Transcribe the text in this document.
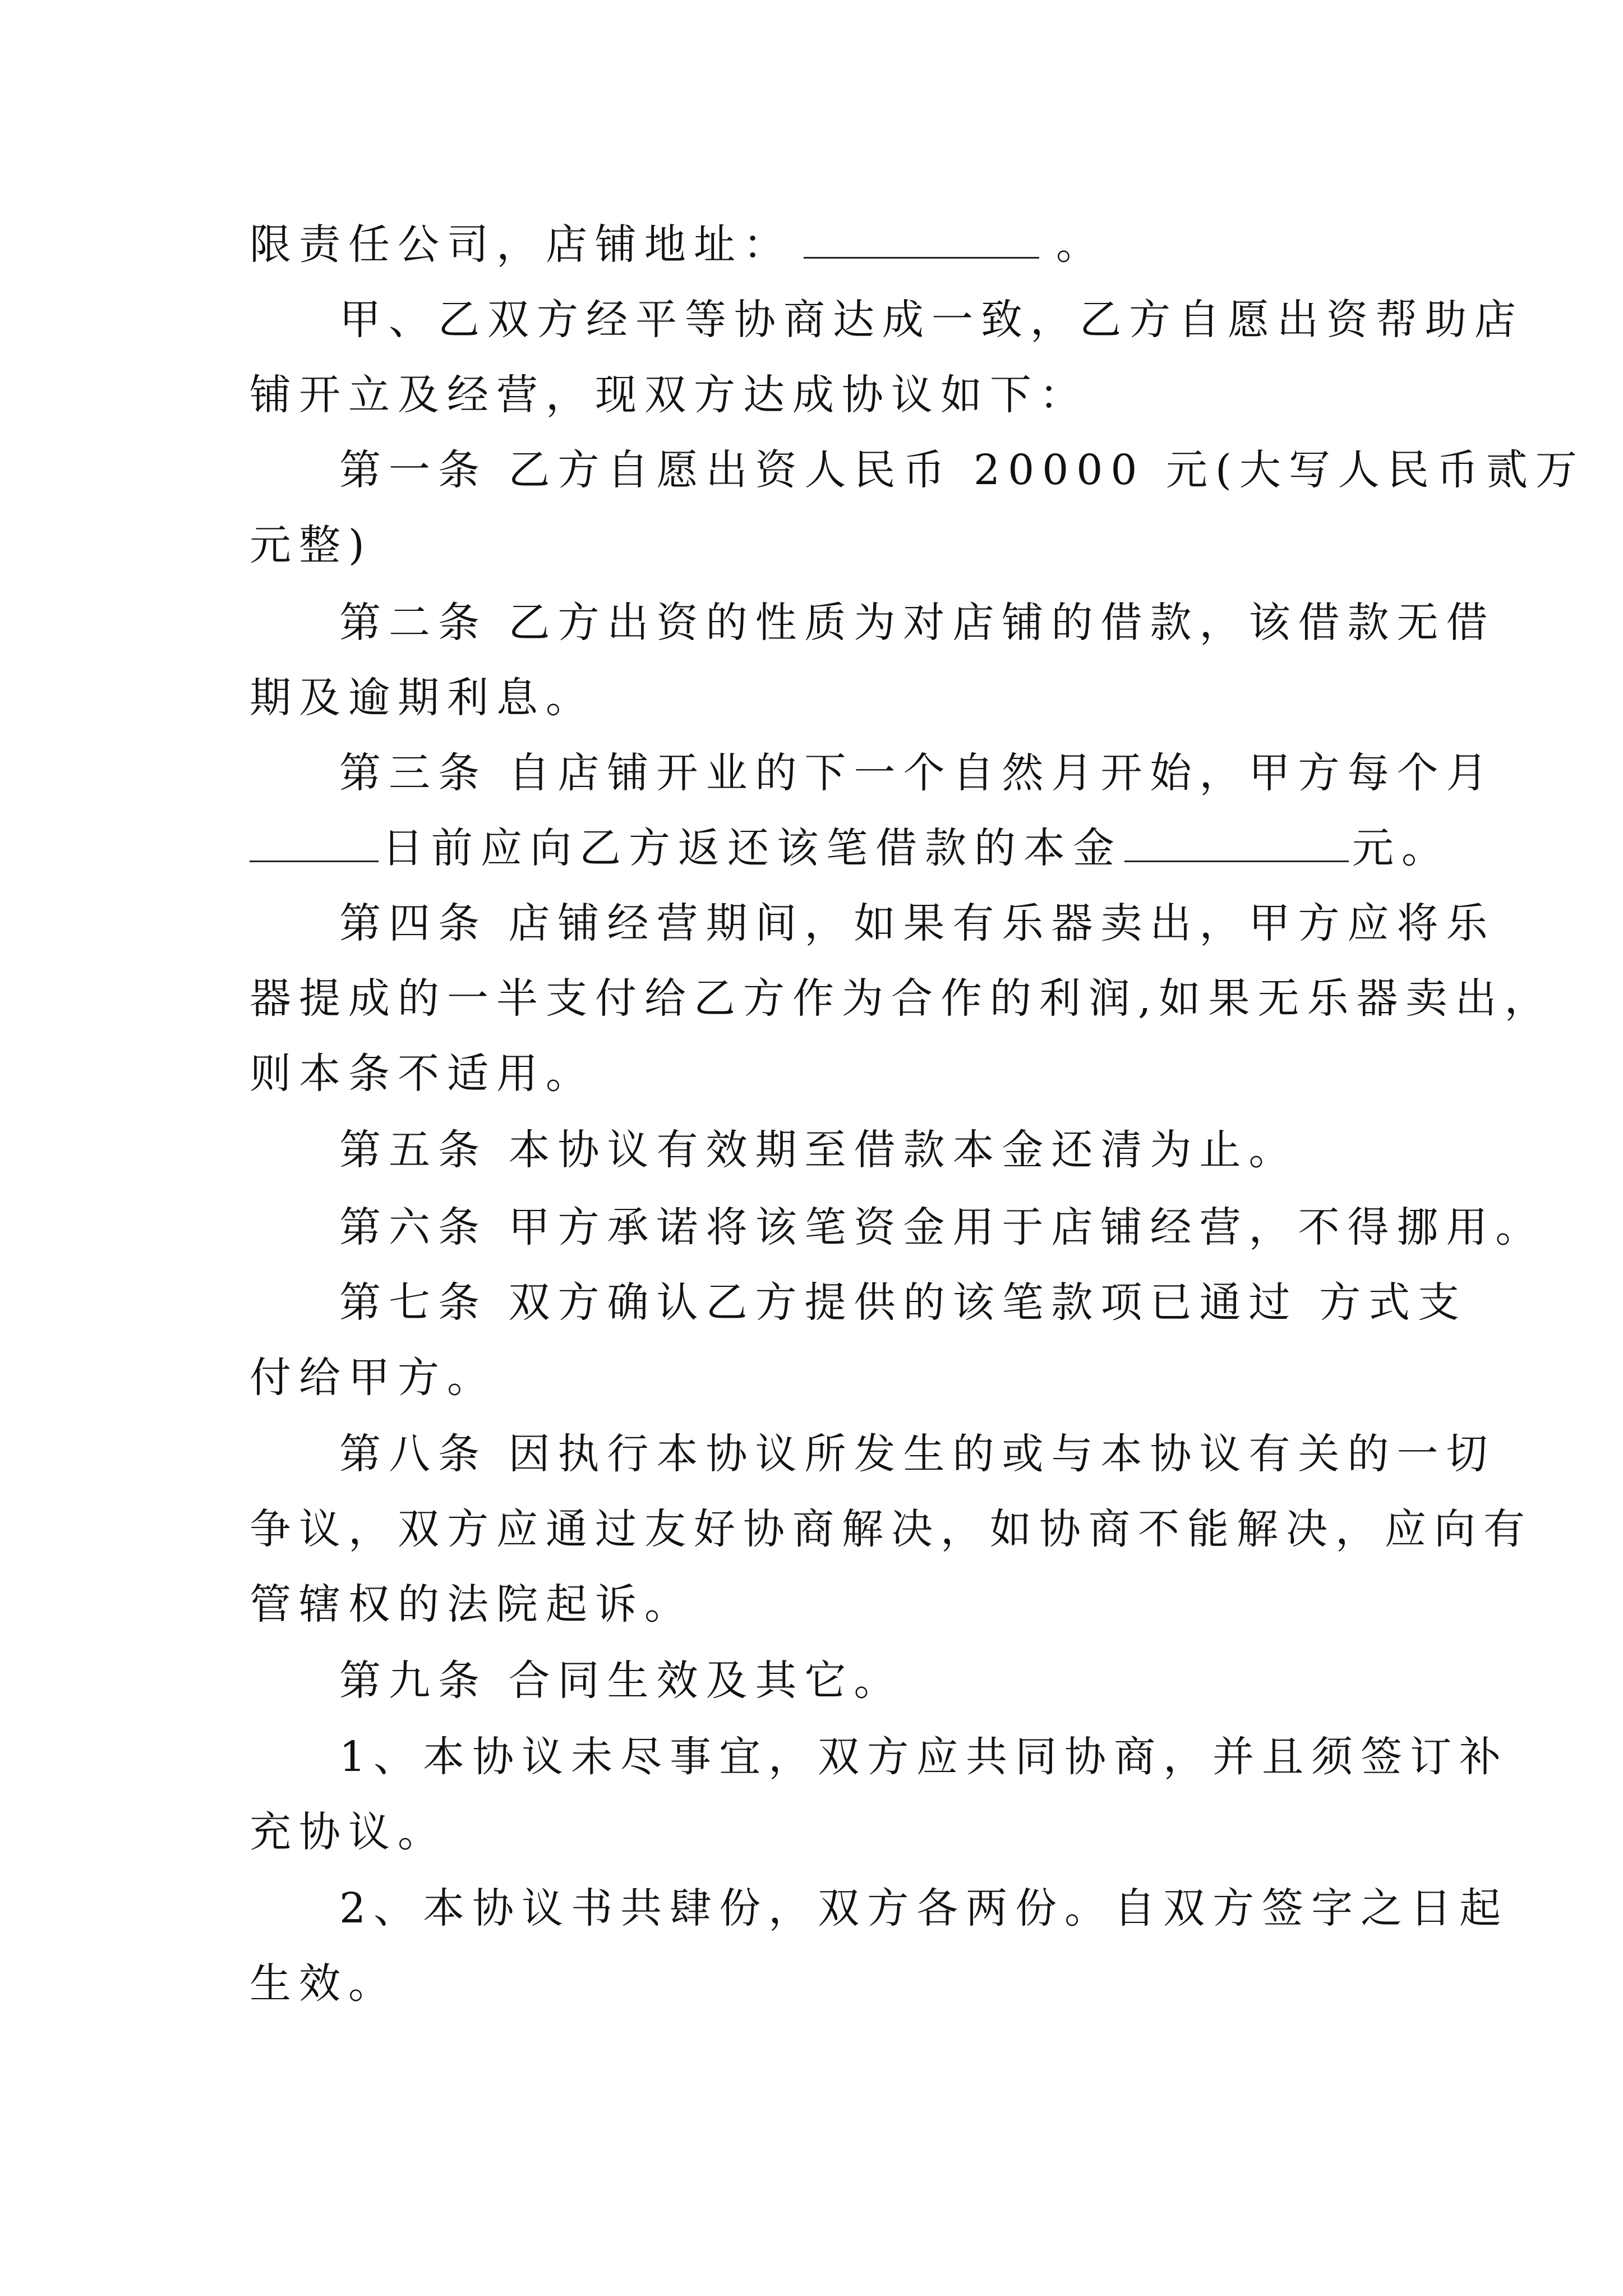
限责任公司，店铺地址：	。
甲、乙双方经平等协商达成一致，乙方自愿出资帮助店
铺开立及经营，现双方达成协议如下：
第一条 乙方自愿出资人民币 20000 元(大写人民币贰万
元整)
第二条 乙方出资的性质为对店铺的借款，该借款无借
期及逾期利息。
第三条 自店铺开业的下一个自然月开始，甲方每个月
日前应向乙方返还该笔借款的本金	元。
第四条 店铺经营期间，如果有乐器卖出，甲方应将乐
器提成的一半支付给乙方作为合作的利润,如果无乐器卖出，
则本条不适用。
第五条 本协议有效期至借款本金还清为止。
第六条 甲方承诺将该笔资金用于店铺经营，不得挪用。
第七条 双方确认乙方提供的该笔款项已通过 方式支
付给甲方。
第八条 因执行本协议所发生的或与本协议有关的一切
争议，双方应通过友好协商解决，如协商不能解决，应向有
管辖权的法院起诉。
第九条 合同生效及其它。
1、本协议未尽事宜，双方应共同协商，并且须签订补
充协议。
2、本协议书共肆份，双方各两份。自双方签字之日起
生效。
